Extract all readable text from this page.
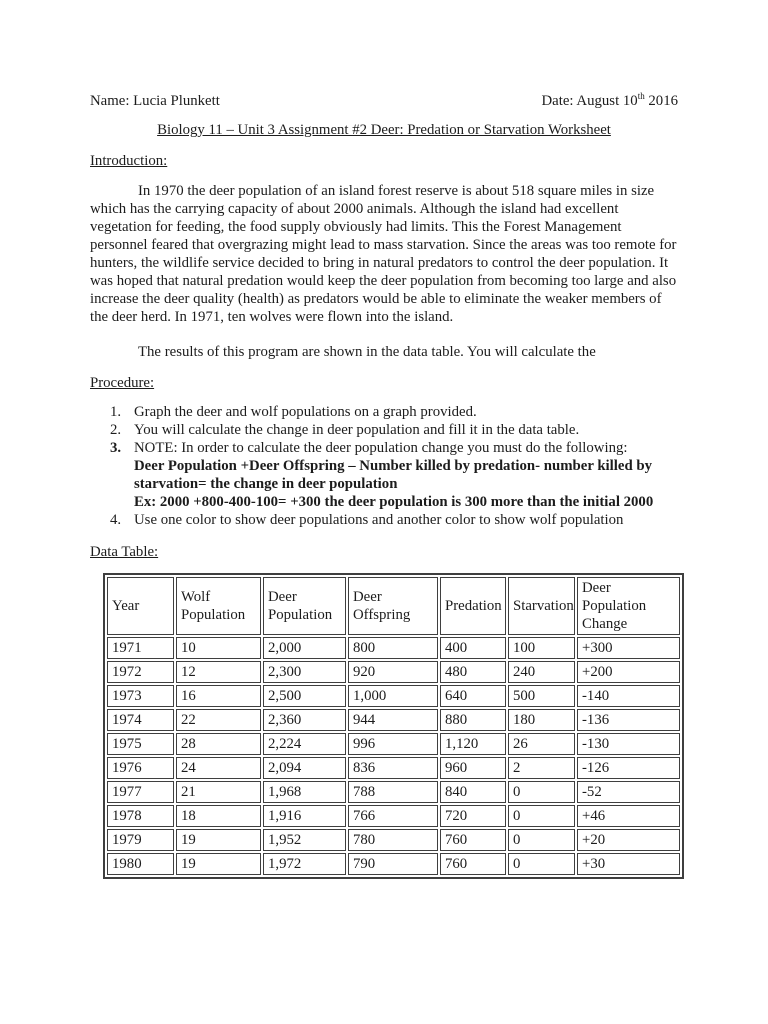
Name: Lucia Plunkett	Date: August 10th 2016
Biology 11 – Unit 3 Assignment #2 Deer: Predation or Starvation Worksheet
Introduction:
In 1970 the deer population of an island forest reserve is about 518 square miles in size which has the carrying capacity of about 2000 animals. Although the island had excellent vegetation for feeding, the food supply obviously had limits. This the Forest Management personnel feared that overgrazing might lead to mass starvation. Since the areas was too remote for hunters, the wildlife service decided to bring in natural predators to control the deer population. It was hoped that natural predation would keep the deer population from becoming too large and also increase the deer quality (health) as predators would be able to eliminate the weaker members of the deer herd. In 1971, ten wolves were flown into the island.
The results of this program are shown in the data table. You will calculate the
Procedure:
1. Graph the deer and wolf populations on a graph provided.
2. You will calculate the change in deer population and fill it in the data table.
3. NOTE: In order to calculate the deer population change you must do the following:
Deer Population +Deer Offspring – Number killed by predation- number killed by starvation= the change in deer population
Ex: 2000 +800-400-100= +300 the deer population is 300 more than the initial 2000
4. Use one color to show deer populations and another color to show wolf population
Data Table:
Year	Wolf Population	Deer Population	Deer Offspring	Predation	Starvation	Deer Population Change
1971	10	2,000	800	400	100	+300
1972	12	2,300	920	480	240	+200
1973	16	2,500	1,000	640	500	-140
1974	22	2,360	944	880	180	-136
1975	28	2,224	996	1,120	26	-130
1976	24	2,094	836	960	2	-126
1977	21	1,968	788	840	0	-52
1978	18	1,916	766	720	0	+46
1979	19	1,952	780	760	0	+20
1980	19	1,972	790	760	0	+30
